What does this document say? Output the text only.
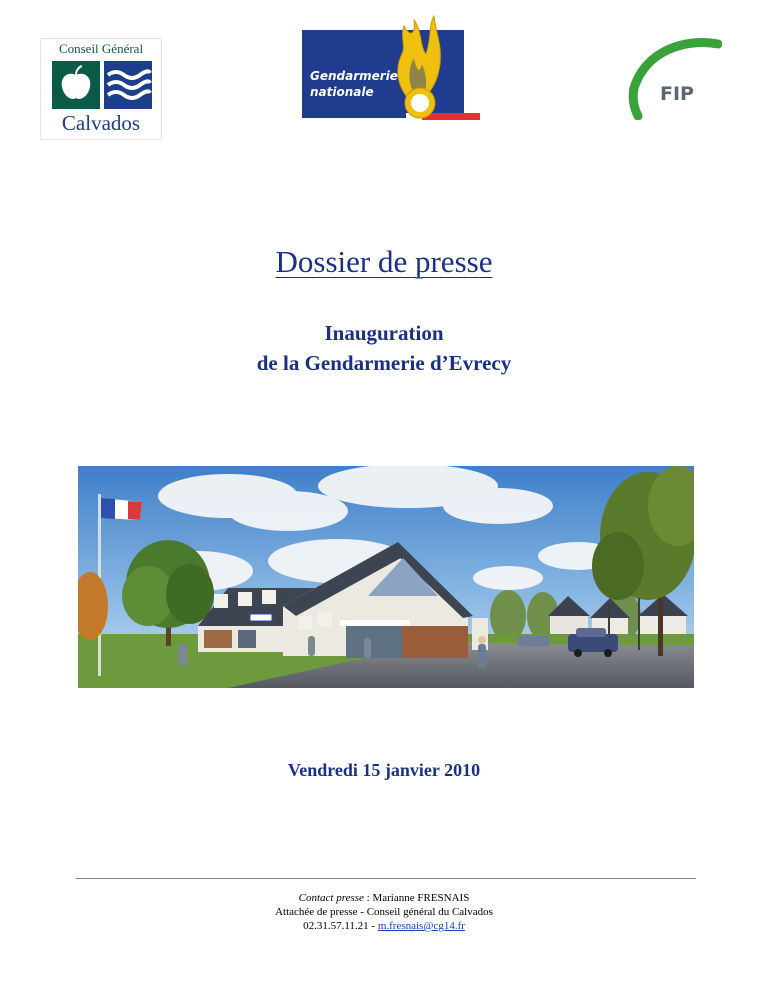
Conseil Général
Calvados
Gendarmerie
nationale	FIP
Dossier de presse
Inauguration
de la Gendarmerie d’Evrecy
Vendredi 15 janvier 2010
Contact presse : Marianne FRESNAIS
Attachée de presse - Conseil général du Calvados
02.31.57.11.21 - m.fresnais@cg14.fr
